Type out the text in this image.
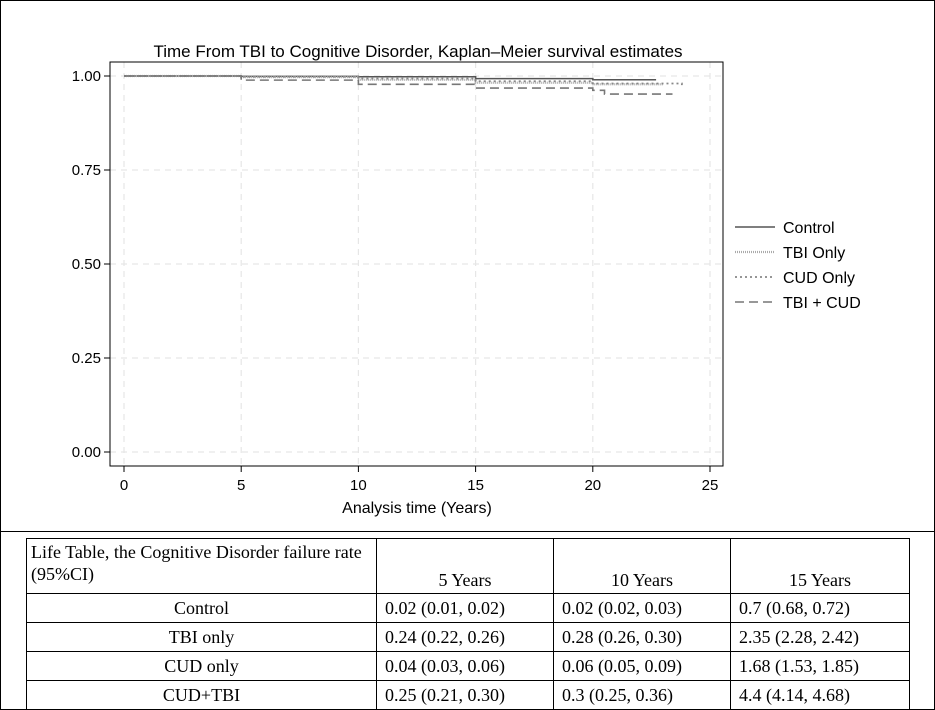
Time From TBI to Cognitive Disorder, Kaplan–Meier survival estimates
0.00
0.25
0.50
0.75
1.00
0	5	10	15	20	25
Analysis time (Years)
Control
TBI Only
CUD Only
TBI + CUD
Life Table, the Cognitive Disorder failure rate (95%CI)	5 Years	10 Years	15 Years
Control	0.02 (0.01, 0.02)	0.02 (0.02, 0.03)	0.7 (0.68, 0.72)
TBI only	0.24 (0.22, 0.26)	0.28 (0.26, 0.30)	2.35 (2.28, 2.42)
CUD only	0.04 (0.03, 0.06)	0.06 (0.05, 0.09)	1.68 (1.53, 1.85)
CUD+TBI	0.25 (0.21, 0.30)	0.3 (0.25, 0.36)	4.4 (4.14, 4.68)
